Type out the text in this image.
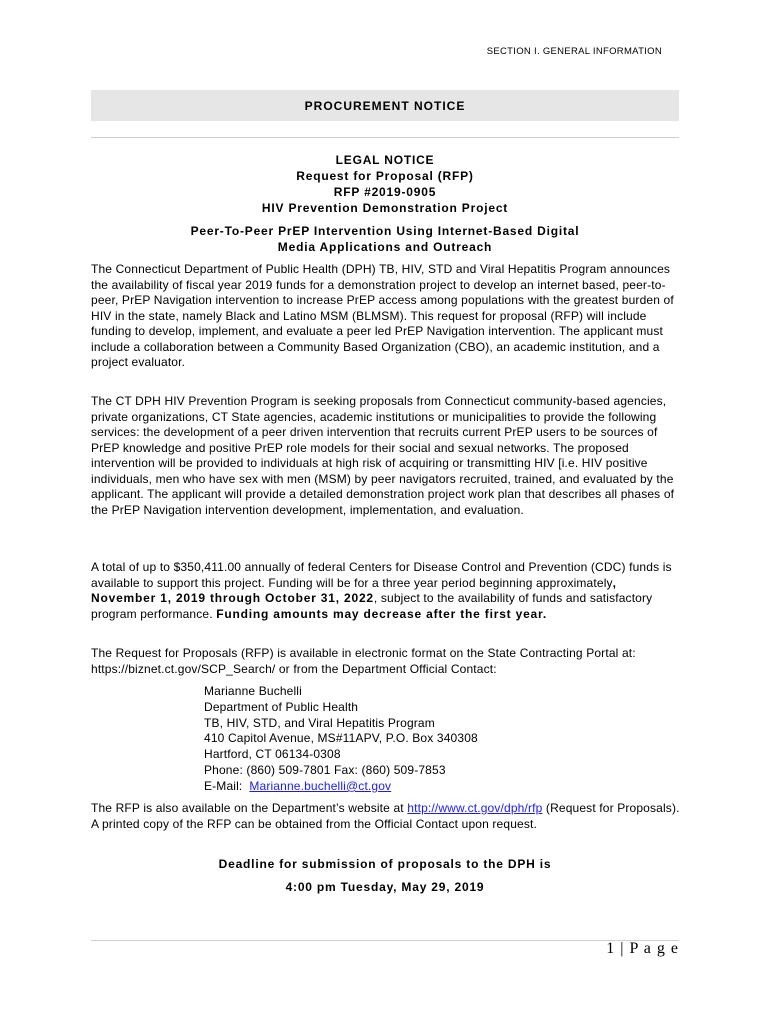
SECTION I. GENERAL INFORMATION
PROCUREMENT NOTICE
LEGAL NOTICE
Request for Proposal (RFP)
RFP #2019-0905
HIV Prevention Demonstration Project
Peer-To-Peer PrEP Intervention Using Internet-Based Digital
Media Applications and Outreach
The Connecticut Department of Public Health (DPH) TB, HIV, STD and Viral Hepatitis Program announces the availability of fiscal year 2019 funds for a demonstration project to develop an internet based, peer-to-peer, PrEP Navigation intervention to increase PrEP access among populations with the greatest burden of HIV in the state, namely Black and Latino MSM (BLMSM). This request for proposal (RFP) will include funding to develop, implement, and evaluate a peer led PrEP Navigation intervention. The applicant must include a collaboration between a Community Based Organization (CBO), an academic institution, and a project evaluator.
The CT DPH HIV Prevention Program is seeking proposals from Connecticut community-based agencies, private organizations, CT State agencies, academic institutions or municipalities to provide the following services: the development of a peer driven intervention that recruits current PrEP users to be sources of PrEP knowledge and positive PrEP role models for their social and sexual networks. The proposed intervention will be provided to individuals at high risk of acquiring or transmitting HIV [i.e. HIV positive individuals, men who have sex with men (MSM) by peer navigators recruited, trained, and evaluated by the applicant. The applicant will provide a detailed demonstration project work plan that describes all phases of the PrEP Navigation intervention development, implementation, and evaluation.
A total of up to $350,411.00 annually of federal Centers for Disease Control and Prevention (CDC) funds is available to support this project. Funding will be for a three year period beginning approximately, November 1, 2019 through October 31, 2022, subject to the availability of funds and satisfactory program performance. Funding amounts may decrease after the first year.
The Request for Proposals (RFP) is available in electronic format on the State Contracting Portal at: https://biznet.ct.gov/SCP_Search/ or from the Department Official Contact:
Marianne Buchelli
Department of Public Health
TB, HIV, STD, and Viral Hepatitis Program
410 Capitol Avenue, MS#11APV, P.O. Box 340308
Hartford, CT 06134-0308
Phone: (860) 509-7801 Fax: (860) 509-7853
E-Mail:  Marianne.buchelli@ct.gov
The RFP is also available on the Department’s website at http://www.ct.gov/dph/rfp (Request for Proposals). A printed copy of the RFP can be obtained from the Official Contact upon request.
Deadline for submission of proposals to the DPH is
4:00 pm Tuesday, May 29, 2019
1 | P a g e
